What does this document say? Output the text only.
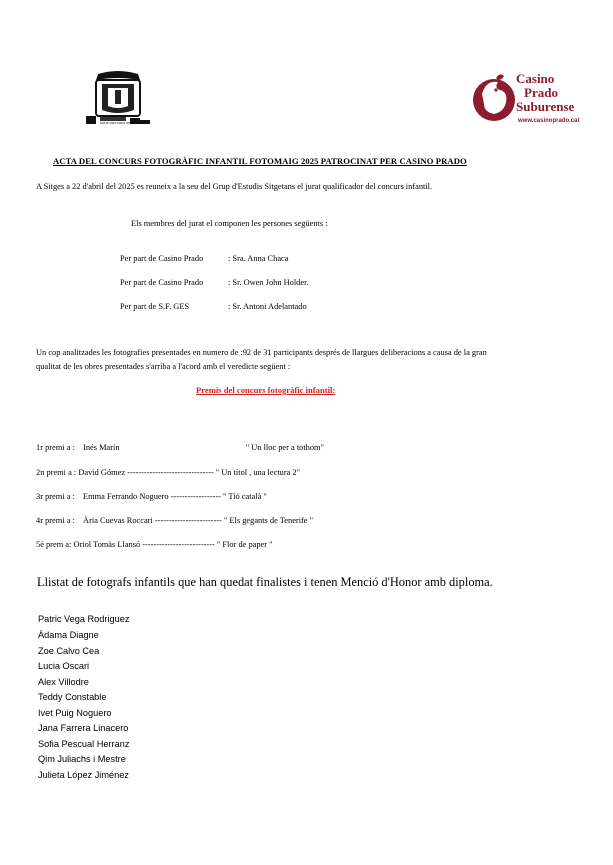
GRUP D'ESTUDIS SITGETANS
Casino
Prado
Suburense
www.casinoprado.cat
ACTA DEL CONCURS FOTOGRÀFIC INFANTIL FOTOMAIG 2025 PATROCINAT PER CASINO PRADO
A Sitges a 22 d'abril del 2025 es reuneix a la seu del Grup d'Estudis Sitgetans el jurat qualificador del concurs infantil.
Els membres del jurat el componen les persones següents :
Per part de Casino Prado	: Sra. Anna Chaca
Per part de Casino Prado	: Sr. Owen John Holder.
Per part de S.F. GES	: Sr. Antoni Adelantado
Un cop analitzades les fotografies presentades en numero de :92 de 31 participants després de llargues deliberacions a causa de la gran
qualitat de les obres presentades s'arriba a l'acord amb el veredicte següent :
Premis del concurs fotogràfic infantil:
1r premi a : Inés Marín	" Un lloc per a tothom"
2n premi a : David Gómez ------------------------------- " Un títol , una lectura 2"
3r premi a : Emma Ferrando Noguero ------------------ " Tió català "
4r premi a : Ària Cuevas Roccari ------------------------ " Els gegants de Tenerife "
5è prem a: Oriol Tomàs Llansó -------------------------- " Flor de paper "
Llistat de fotografs infantils que han quedat finalistes i tenen Menció d'Honor amb diploma.
Patric Vega Rodriguez
Àdama Diagne
Zoe Calvo Cea
Lucia Oscari
Alex Villodre
Teddy Constable
Ivet Puig Noguero
Jana Farrera Linacero
Sofia Pescual Herranz
Qim Juliachs i Mestre
Julieta López Jiménez
